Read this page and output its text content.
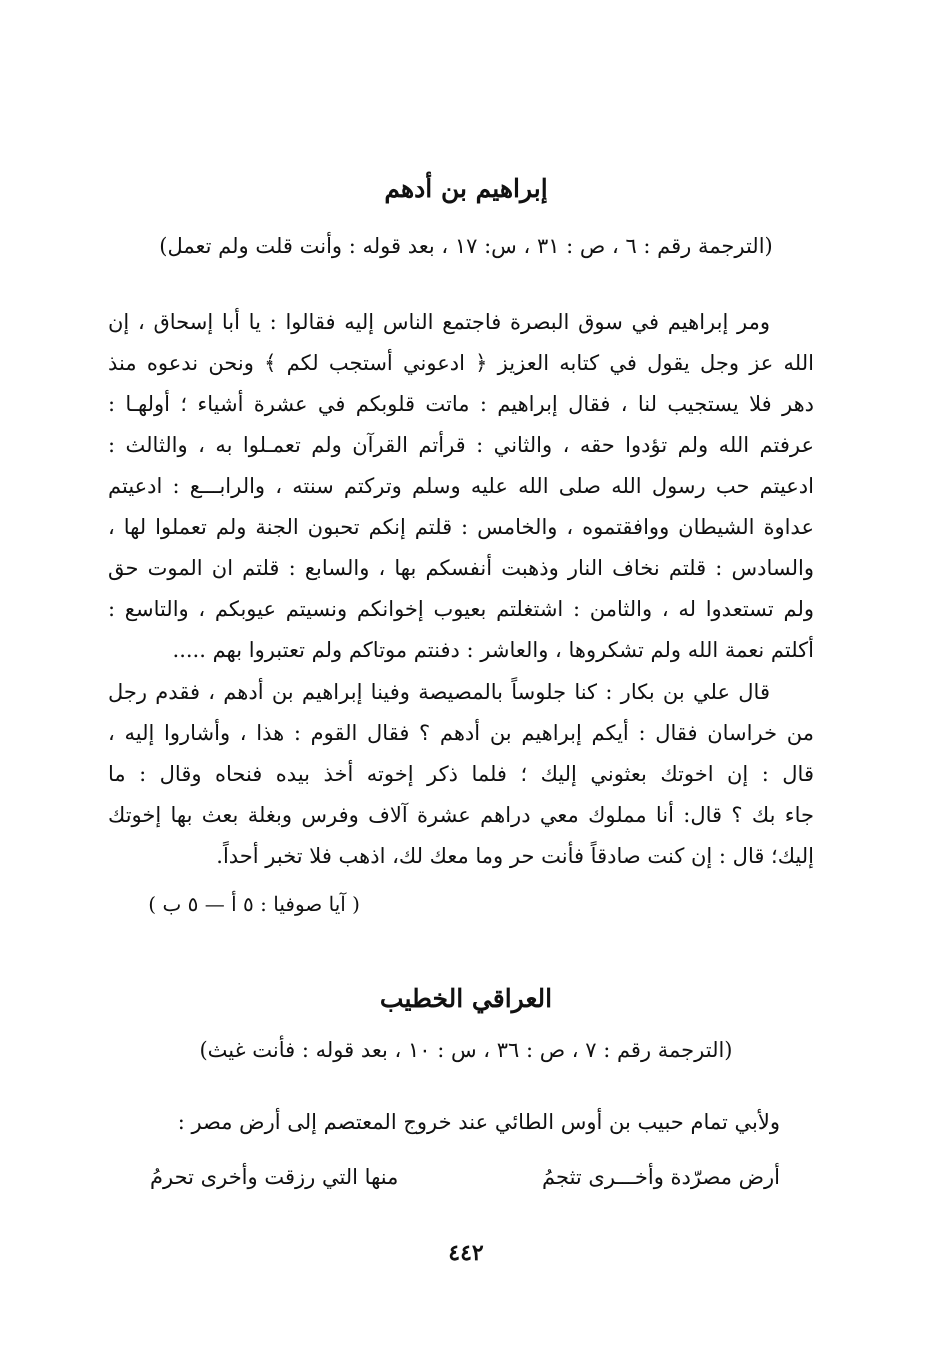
إبراهيم بن أدهم
(الترجمة رقم : ٦ ، ص : ٣١ ، س: ١٧ ، بعد قوله : وأنت قلت ولم تعمل)
ومر إبراهيم في سوق البصرة فاجتمع الناس إليه فقالوا : يا أبا إسحاق ، إن
الله عز وجل يقول في كتابه العزيز ﴿ ادعوني أستجب لكم ﴾ ونحن ندعوه منذ
دهر فلا يستجيب لنا ، فقال إبراهيم : ماتت قلوبكم في عشرة أشياء ؛ أولهـا :
عرفتم الله ولم تؤدوا حقه ، والثاني : قرأتم القرآن ولم تعمـلوا به ، والثالث :
ادعيتم حب رسول الله صلى الله عليه وسلم وتركتم سنته ، والرابـــع : ادعيتم
عداوة الشيطان ووافقتموه ، والخامس : قلتم إنكم تحبون الجنة ولم تعملوا لها ،
والسادس : قلتم نخاف النار وذهبت أنفسكم بها ، والسابع : قلتم ان الموت حق
ولم تستعدوا له ، والثامن : اشتغلتم بعيوب إخوانكم ونسيتم عيوبكم ، والتاسع :
أكلتم نعمة الله ولم تشكروها ، والعاشر : دفنتم موتاكم ولم تعتبروا بهم .....
قال علي بن بكار : كنا جلوساً بالمصيصة وفينا إبراهيم بن أدهم ، فقدم رجل
من خراسان فقال : أيكم إبراهيم بن أدهم ؟ فقال القوم : هذا ، وأشاروا إليه ،
قال : إن اخوتك بعثوني إليك ؛ فلما ذكر إخوته أخذ بيده فنحاه وقال : ما
جاء بك ؟ قال: أنا مملوك معي دراهم عشرة آلاف وفرس وبغلة بعث بها إخوتك
إليك؛ قال : إن كنت صادقاً فأنت حر وما معك لك، اذهب فلا تخبر أحداً.
( آيا صوفيا : ٥ أ — ٥ ب )
العراقي الخطيب
(الترجمة رقم : ٧ ، ص : ٣٦ ، س : ١٠ ، بعد قوله : فأنت غيث)
ولأبي تمام حبيب بن أوس الطائي عند خروج المعتصم إلى أرض مصر :
أرض مصرّدة وأخـــرى تثجمُ
منها التي رزقت وأخرى تحرمُ
٤٤٢
